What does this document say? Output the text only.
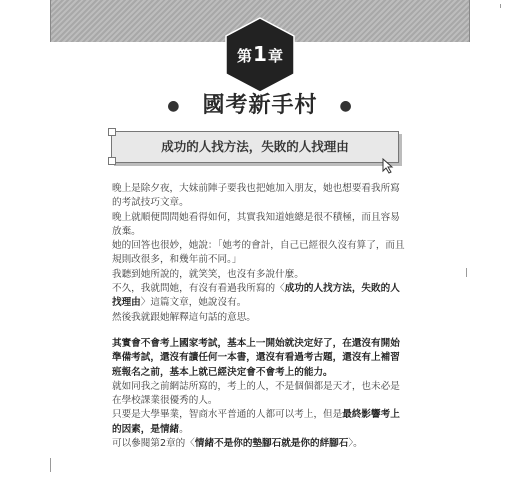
第1章
● 國考新手村 ●
成功的人找方法，失敗的人找理由

晚上是除夕夜，大妹前陣子要我也把她加入朋友，她也想要看我所寫的考試技巧文章。

晚上就順便問問她看得如何，其實我知道她總是很不積極，而且容易放棄。

她的回答也很妙，她說：「她考的會計，自己已經很久沒有算了，而且規則改很多，和幾年前不同。」

我聽到她所說的，就笑笑，也沒有多說什麼。

不久，我就問她，有沒有看過我所寫的〈成功的人找方法，失敗的人找理由〉這篇文章，她說沒有。

然後我就跟她解釋這句話的意思。

其實會不會考上國家考試，基本上一開始就決定好了，在還沒有開始準備考試，還沒有讀任何一本書，還沒有看過考古題，還沒有上補習班報名之前，基本上就已經決定會不會考上的能力。

就如同我之前網誌所寫的，考上的人，不是個個都是天才，也未必是在學校課業很優秀的人。

只要是大學畢業，智商水平普通的人都可以考上，但是最終影響考上的因素，是情緒。

可以參閱第2章的〈情緒不是你的墊腳石就是你的絆腳石〉。
